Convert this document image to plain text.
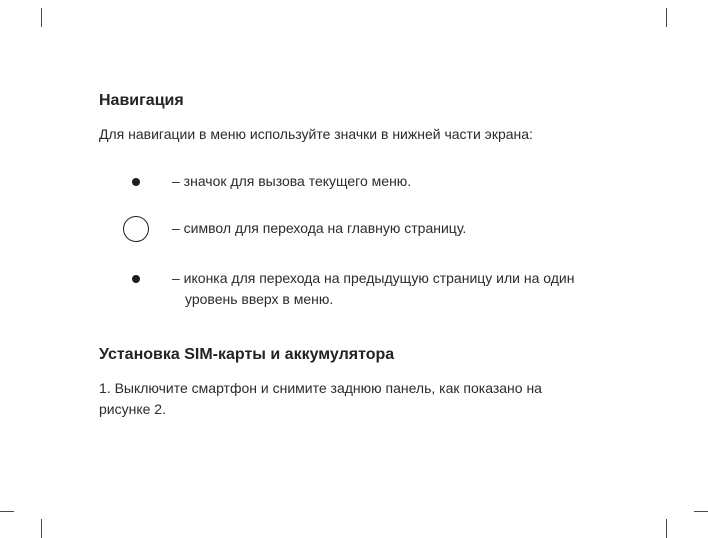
Навигация

Для навигации в меню используйте значки в нижней части экрана:

– значок для вызова текущего меню.
– символ для перехода на главную страницу.
– иконка для перехода на предыдущую страницу или на один уровень вверх в меню.
Установка SIM-карты и аккумулятора

1. Выключите смартфон и снимите заднюю панель, как показано на рисунке 2.
